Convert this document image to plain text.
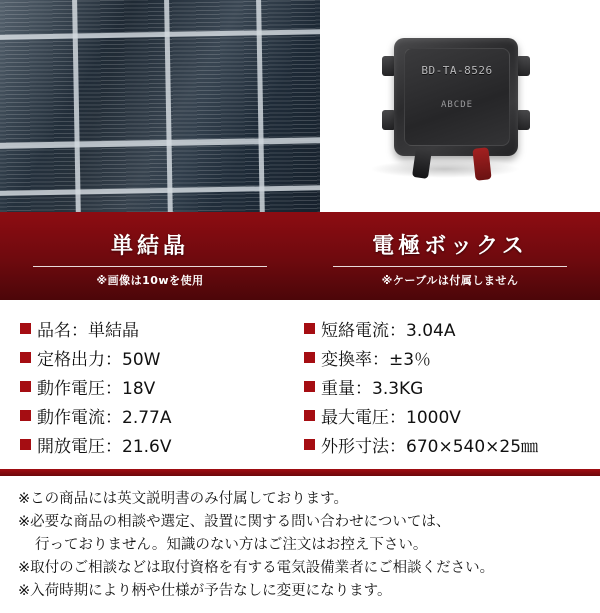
BD-TA-8526
ABCDE
単結晶
※画像は10wを使用
電極ボックス
※ケーブルは付属しません
品名：単結晶
定格出力：50W
動作電圧：18V
動作電流：2.77A
開放電圧：21.6V
短絡電流：3.04A
変換率：±3％
重量：3.3KG
最大電圧：1000V
外形寸法：670×540×25㎜
※この商品には英文説明書のみ付属しております。
※必要な商品の相談や選定、設置に関する問い合わせについては、
行っておりません。知識のない方はご注文はお控え下さい。
※取付のご相談などは取付資格を有する電気設備業者にご相談ください。
※入荷時期により柄や仕様が予告なしに変更になります。
